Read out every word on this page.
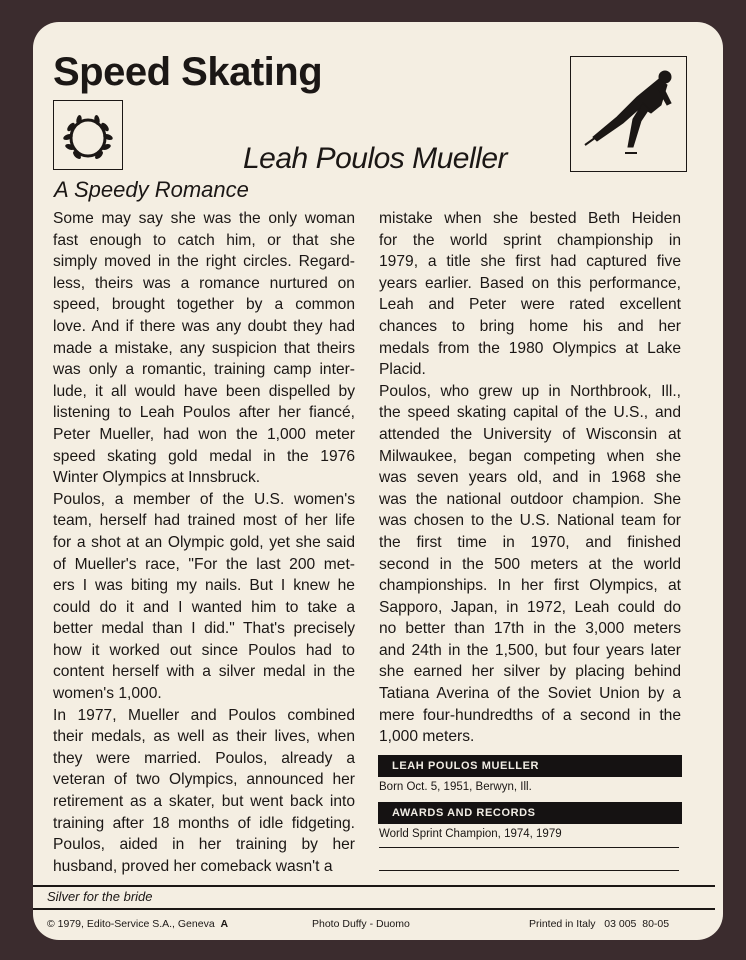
Speed Skating
Leah Poulos Mueller
A Speedy Romance
Some may say she was the only woman
fast enough to catch him, or that she
simply moved in the right circles. Regard-
less, theirs was a romance nurtured on
speed, brought together by a common
love. And if there was any doubt they had
made a mistake, any suspicion that theirs
was only a romantic, training camp inter-
lude, it all would have been dispelled by
listening to Leah Poulos after her fiancé,
Peter Mueller, had won the 1,000 meter
speed skating gold medal in the 1976
Winter Olympics at Innsbruck.
Poulos, a member of the U.S. women's
team, herself had trained most of her life
for a shot at an Olympic gold, yet she said
of Mueller's race, "For the last 200 met-
ers I was biting my nails. But I knew he
could do it and I wanted him to take a
better medal than I did." That's precisely
how it worked out since Poulos had to
content herself with a silver medal in the
women's 1,000.
In 1977, Mueller and Poulos combined
their medals, as well as their lives, when
they were married. Poulos, already a
veteran of two Olympics, announced her
retirement as a skater, but went back into
training after 18 months of idle fidgeting.
Poulos, aided in her training by her
husband, proved her comeback wasn't a
mistake when she bested Beth Heiden
for the world sprint championship in
1979, a title she first had captured five
years earlier. Based on this performance,
Leah and Peter were rated excellent
chances to bring home his and her
medals from the 1980 Olympics at Lake
Placid.
Poulos, who grew up in Northbrook, Ill.,
the speed skating capital of the U.S., and
attended the University of Wisconsin at
Milwaukee, began competing when she
was seven years old, and in 1968 she
was the national outdoor champion. She
was chosen to the U.S. National team for
the first time in 1970, and finished
second in the 500 meters at the world
championships. In her first Olympics, at
Sapporo, Japan, in 1972, Leah could do
no better than 17th in the 3,000 meters
and 24th in the 1,500, but four years later
she earned her silver by placing behind
Tatiana Averina of the Soviet Union by a
mere four-hundredths of a second in the
1,000 meters.
LEAH POULOS MUELLER
Born Oct. 5, 1951, Berwyn, Ill.
AWARDS AND RECORDS
World Sprint Champion, 1974, 1979
Silver for the bride
© 1979, Edito-Service S.A., Geneva A	Photo Duffy - Duomo	Printed in Italy   03 005  80-05
